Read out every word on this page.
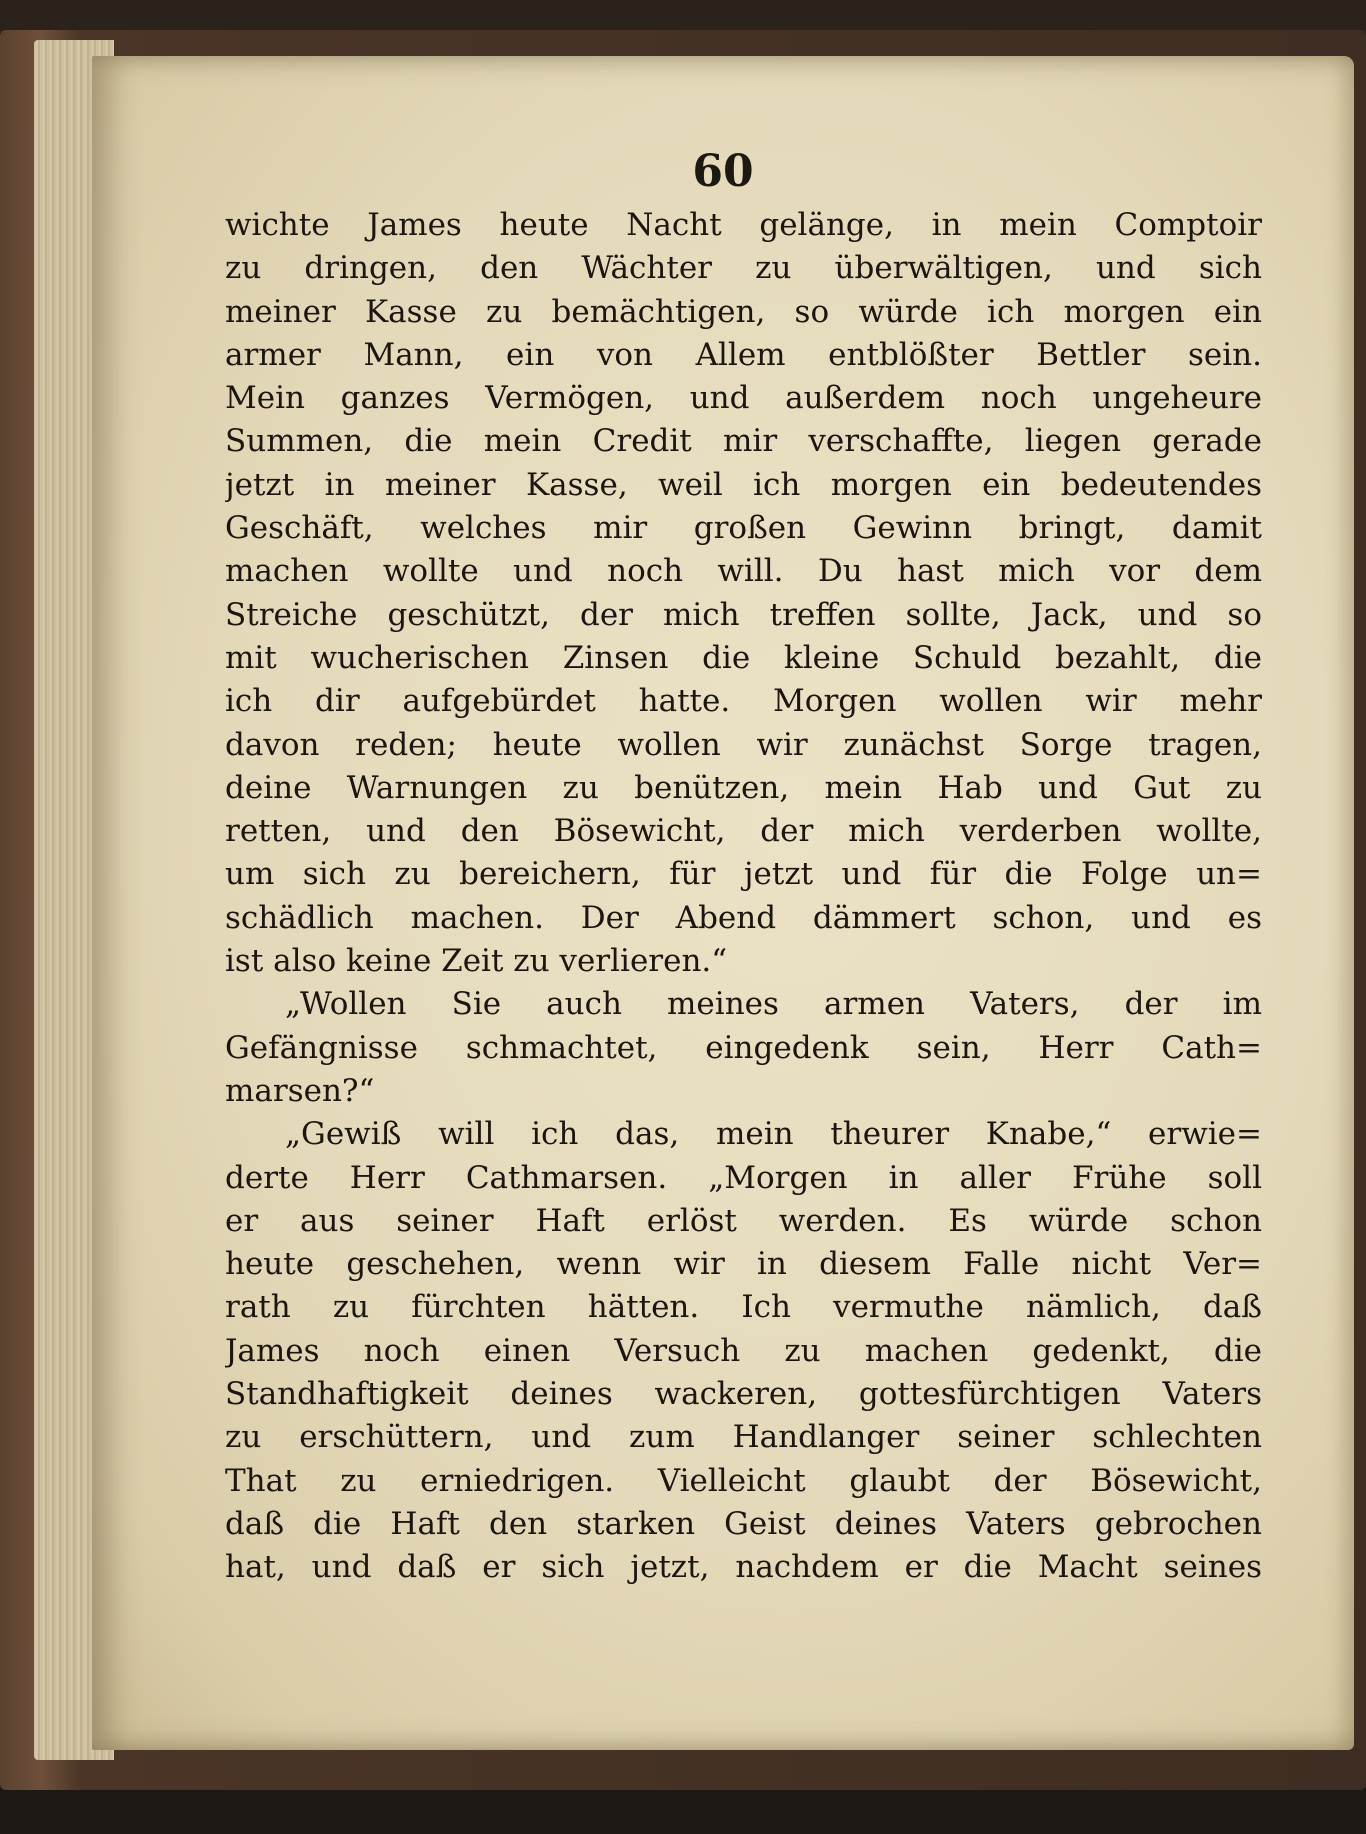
60
wichte James heute Nacht gelänge, in mein Comptoir
zu dringen, den Wächter zu überwältigen, und sich
meiner Kasse zu bemächtigen, so würde ich morgen ein
armer Mann, ein von Allem entblößter Bettler sein.
Mein ganzes Vermögen, und außerdem noch ungeheure
Summen, die mein Credit mir verschaffte, liegen gerade
jetzt in meiner Kasse, weil ich morgen ein bedeutendes
Geschäft, welches mir großen Gewinn bringt, damit
machen wollte und noch will. Du hast mich vor dem
Streiche geschützt, der mich treffen sollte, Jack, und so
mit wucherischen Zinsen die kleine Schuld bezahlt, die
ich dir aufgebürdet hatte. Morgen wollen wir mehr
davon reden; heute wollen wir zunächst Sorge tragen,
deine Warnungen zu benützen, mein Hab und Gut zu
retten, und den Bösewicht, der mich verderben wollte,
um sich zu bereichern, für jetzt und für die Folge un=
schädlich machen. Der Abend dämmert schon, und es
ist also keine Zeit zu verlieren.“
„Wollen Sie auch meines armen Vaters, der im
Gefängnisse schmachtet, eingedenk sein, Herr Cath=
marsen?“
„Gewiß will ich das, mein theurer Knabe,“ erwie=
derte Herr Cathmarsen. „Morgen in aller Frühe soll
er aus seiner Haft erlöst werden. Es würde schon
heute geschehen, wenn wir in diesem Falle nicht Ver=
rath zu fürchten hätten. Ich vermuthe nämlich, daß
James noch einen Versuch zu machen gedenkt, die
Standhaftigkeit deines wackeren, gottesfürchtigen Vaters
zu erschüttern, und zum Handlanger seiner schlechten
That zu erniedrigen. Vielleicht glaubt der Bösewicht,
daß die Haft den starken Geist deines Vaters gebrochen
hat, und daß er sich jetzt, nachdem er die Macht seines
